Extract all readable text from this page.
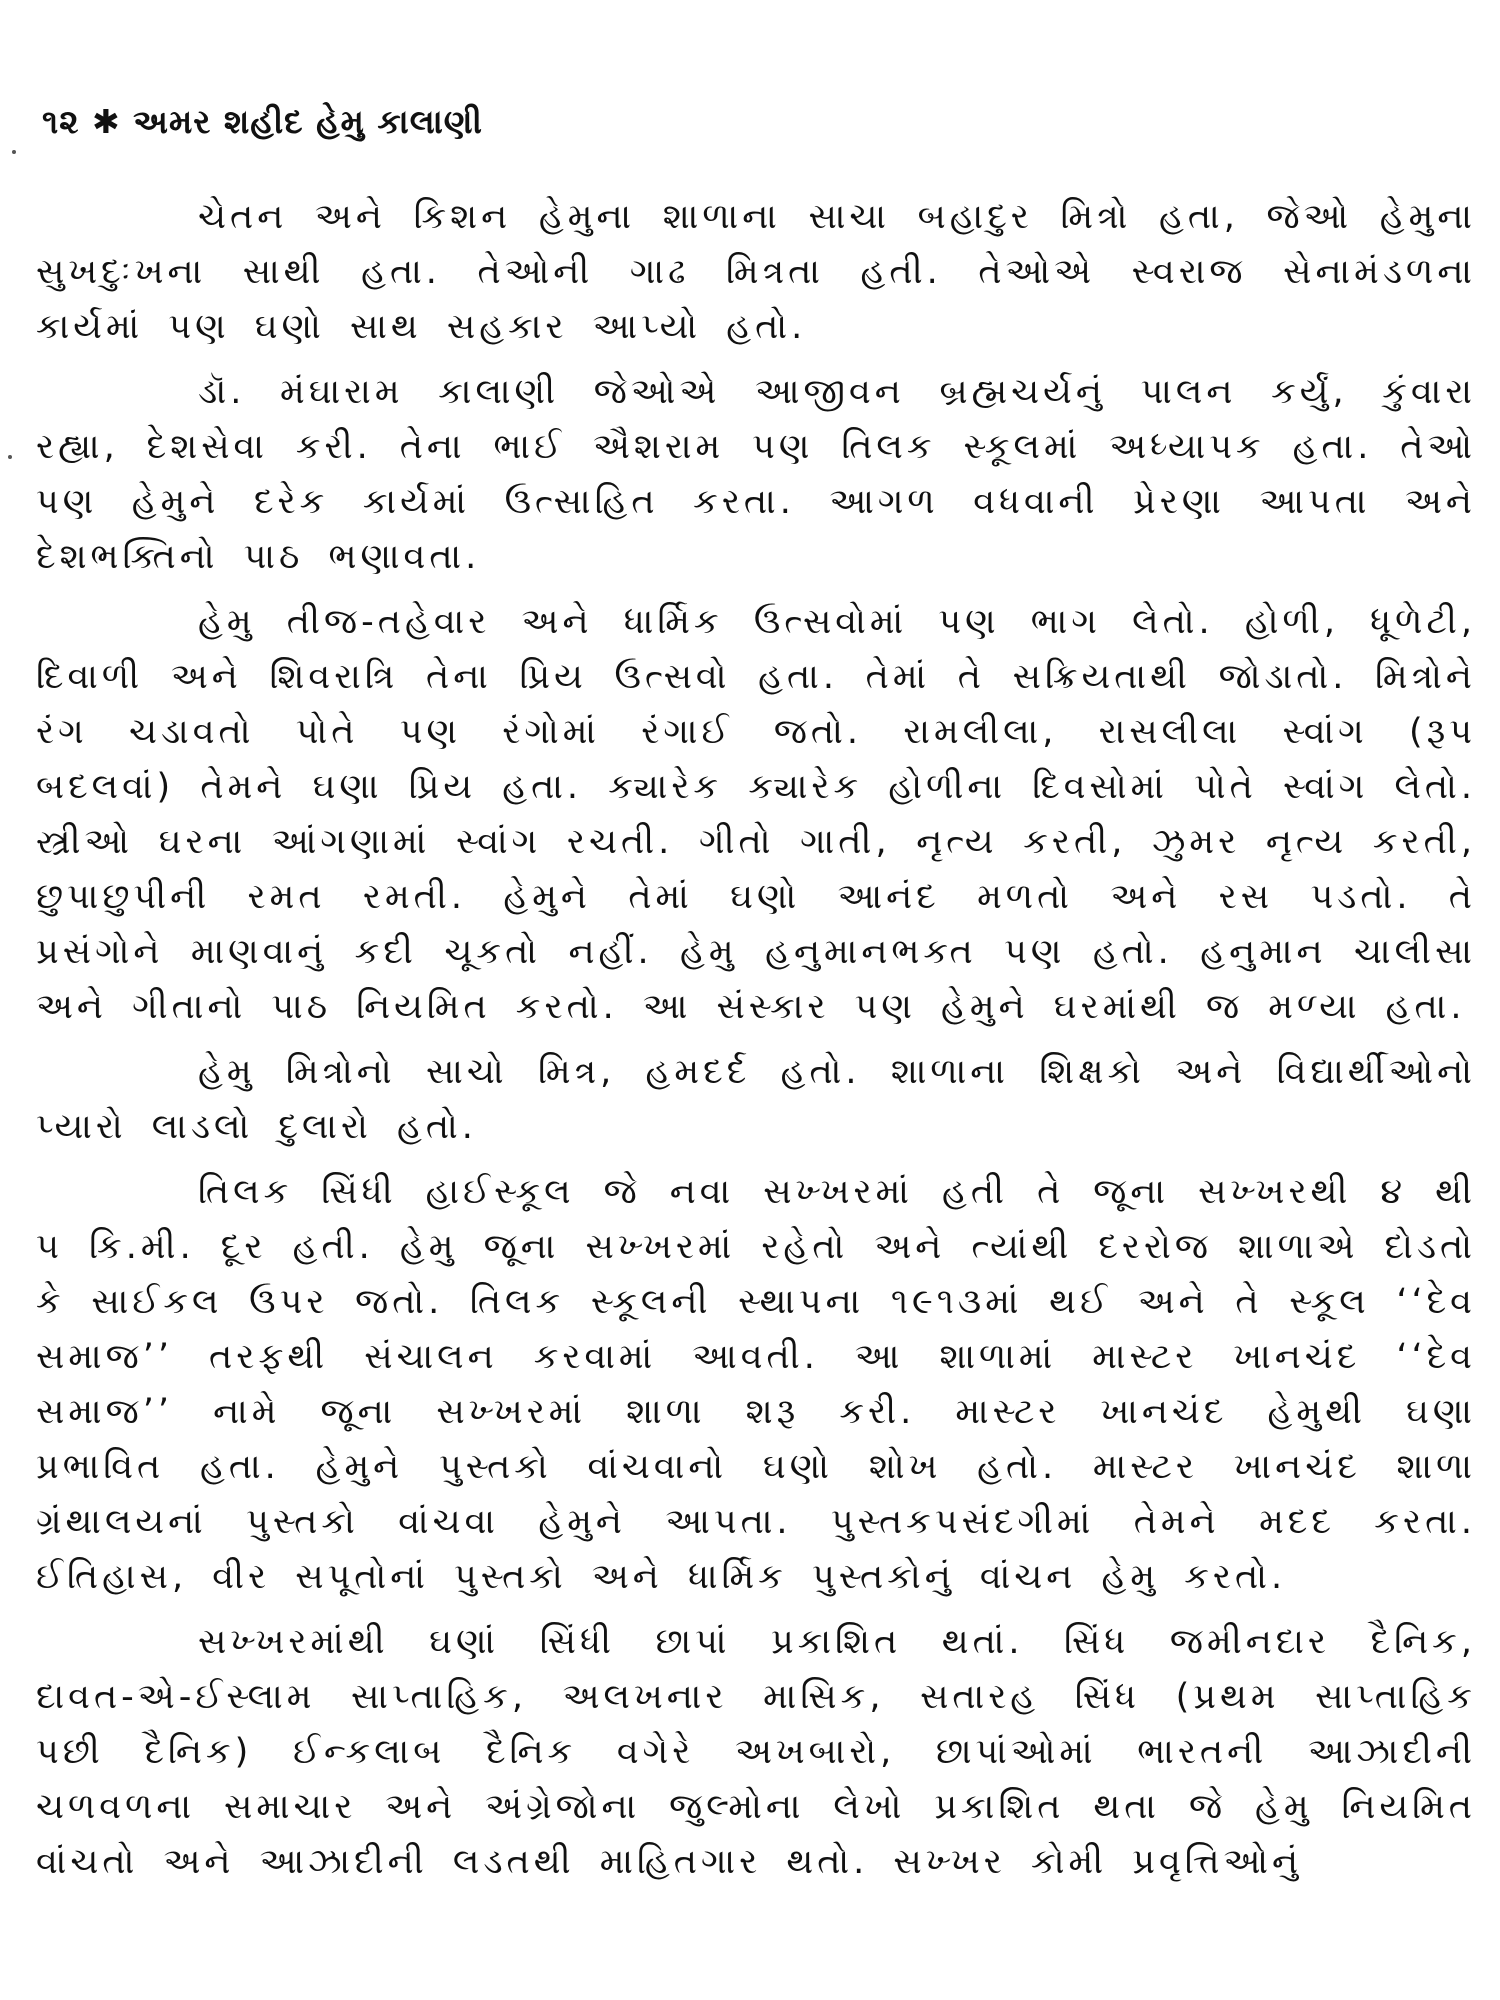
૧૨ ✱ અમર શહીદ હેમુ કાલાણી

ચેતન અને કિશન હેમુના શાળાના સાચા બહાદુર મિત્રો હતા, જેઓ હેમુના સુખદુઃખના સાથી હતા. તેઓની ગાઢ મિત્રતા હતી. તેઓએ સ્વરાજ સેનામંડળના કાર્યમાં પણ ઘણો સાથ સહકાર આપ્યો હતો.

ડૉ. મંઘારામ કાલાણી જેઓએ આજીવન બ્રહ્મચર્યનું પાલન કર્યું, કુંવારા રહ્યા, દેશસેવા કરી. તેના ભાઈ ઐશરામ પણ તિલક સ્કૂલમાં અધ્યાપક હતા. તેઓ પણ હેમુને દરેક કાર્યમાં ઉત્સાહિત કરતા. આગળ વધવાની પ્રેરણા આપતા અને દેશભક્તિનો પાઠ ભણાવતા.

હેમુ તીજ-તહેવાર અને ધાર્મિક ઉત્સવોમાં પણ ભાગ લેતો. હોળી, ધૂળેટી, દિવાળી અને શિવરાત્રિ તેના પ્રિય ઉત્સવો હતા. તેમાં તે સક્રિયતાથી જોડાતો. મિત્રોને રંગ ચડાવતો પોતે પણ રંગોમાં રંગાઈ જતો. રામલીલા, રાસલીલા સ્વાંગ (રૂપ બદલવાં) તેમને ઘણા પ્રિય હતા. ક્યારેક ક્યારેક હોળીના દિવસોમાં પોતે સ્વાંગ લેતો. સ્ત્રીઓ ઘરના આંગણામાં સ્વાંગ રચતી. ગીતો ગાતી, નૃત્ય કરતી, ઝુમર નૃત્ય કરતી, છુપાછુપીની રમત રમતી. હેમુને તેમાં ઘણો આનંદ મળતો અને રસ પડતો. તે પ્રસંગોને માણવાનું કદી ચૂકતો નહીં. હેમુ હનુમાનભક્ત પણ હતો. હનુમાન ચાલીસા અને ગીતાનો પાઠ નિયમિત કરતો. આ સંસ્કાર પણ હેમુને ઘરમાંથી જ મળ્યા હતા.

હેમુ મિત્રોનો સાચો મિત્ર, હમદર્દ હતો. શાળાના શિક્ષકો અને વિદ્યાર્થીઓનો પ્યારો લાડલો દુલારો હતો.

તિલક સિંધી હાઈસ્કૂલ જે નવા સખ્ખરમાં હતી તે જૂના સખ્ખરથી ૪ થી ૫ કિ.મી. દૂર હતી. હેમુ જૂના સખ્ખરમાં રહેતો અને ત્યાંથી દરરોજ શાળાએ દોડતો કે સાઈકલ ઉપર જતો. તિલક સ્કૂલની સ્થાપના ૧૯૧૩માં થઈ અને તે સ્કૂલ ‘‘દેવ સમાજ’’ તરફથી સંચાલન કરવામાં આવતી. આ શાળામાં માસ્ટર ખાનચંદ ‘‘દેવ સમાજ’’ નામે જૂના સખ્ખરમાં શાળા શરૂ કરી. માસ્ટર ખાનચંદ હેમુથી ઘણા પ્રભાવિત હતા. હેમુને પુસ્તકો વાંચવાનો ઘણો શોખ હતો. માસ્ટર ખાનચંદ શાળા ગ્રંથાલયનાં પુસ્તકો વાંચવા હેમુને આપતા. પુસ્તકપસંદગીમાં તેમને મદદ કરતા. ઈતિહાસ, વીર સપૂતોનાં પુસ્તકો અને ધાર્મિક પુસ્તકોનું વાંચન હેમુ કરતો.

સખ્ખરમાંથી ઘણાં સિંધી છાપાં પ્રકાશિત થતાં. સિંધ જમીનદાર દૈનિક, દાવત-એ-ઈસ્લામ સાપ્તાહિક, અલખનાર માસિક, સતારહ સિંધ (પ્રથમ સાપ્તાહિક પછી દૈનિક) ઈન્કલાબ દૈનિક વગેરે અખબારો, છાપાંઓમાં ભારતની આઝાદીની ચળવળના સમાચાર અને અંગ્રેજોના જુલ્મોના લેખો પ્રકાશિત થતા જે હેમુ નિયમિત વાંચતો અને આઝાદીની લડતથી માહિતગાર થતો. સખ્ખર કોમી પ્રવૃત્તિઓનું
